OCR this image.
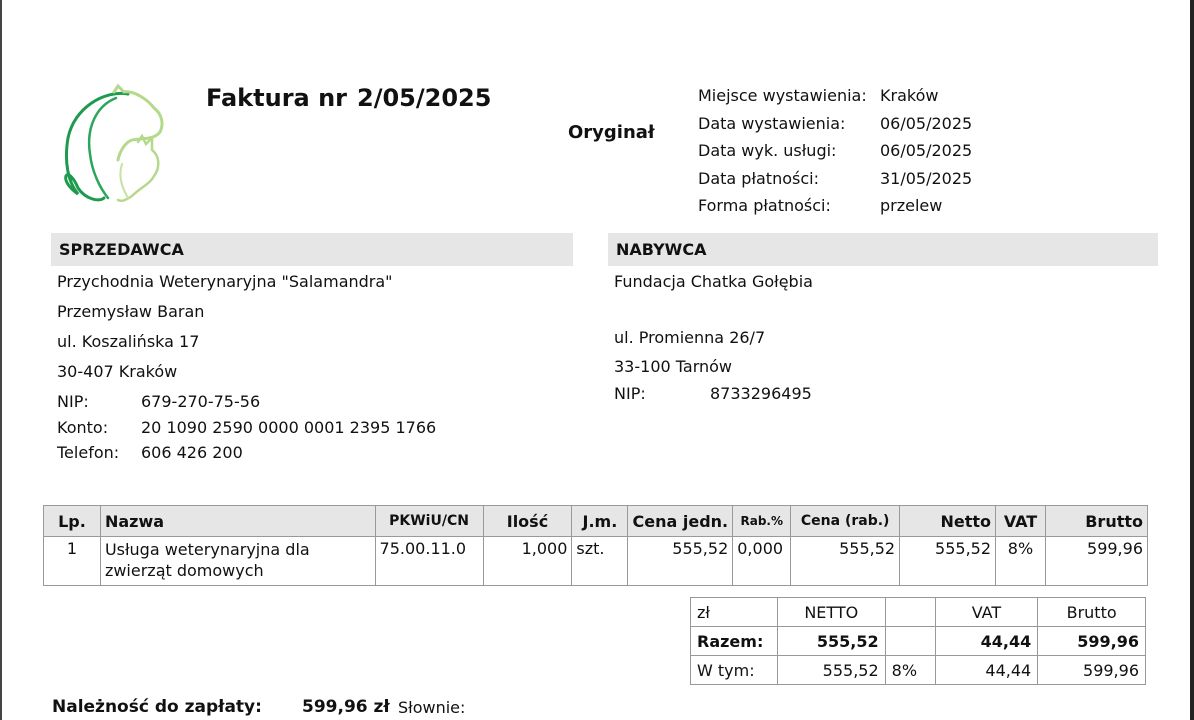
Faktura nr 2/05/2025
Oryginał
Miejsce wystawienia: Kraków
Data wystawienia:	06/05/2025
Data wyk. usługi:	06/05/2025
Data płatności:	31/05/2025
Forma płatności:	przelew
SPRZEDAWCA
Przychodnia Weterynaryjna "Salamandra"
Przemysław Baran
ul. Koszalińska 17
30-407 Kraków
NIP:	679-270-75-56
Konto: 20 1090 2590 0000 0001 2395 1766
Telefon: 606 426 200
NABYWCA
Fundacja Chatka Gołębia
ul. Promienna 26/7
33-100 Tarnów
NIP:	8733296495
Lp.	Nazwa	PKWiU/CN	Ilość	J.m.	Cena jedn.	Rab.%	Cena (rab.)	Netto	VAT	Brutto
1	Usługa weterynaryjna dla
zwierząt domowych	75.00.11.0	1,000	szt.	555,52	0,000	555,52	555,52	8%	599,96
zł	NETTO		VAT	Brutto
Razem:	555,52		44,44	599,96
W tym:	555,52	8%	44,44	599,96
Należność do zapłaty: 599,96 zł Słownie:
